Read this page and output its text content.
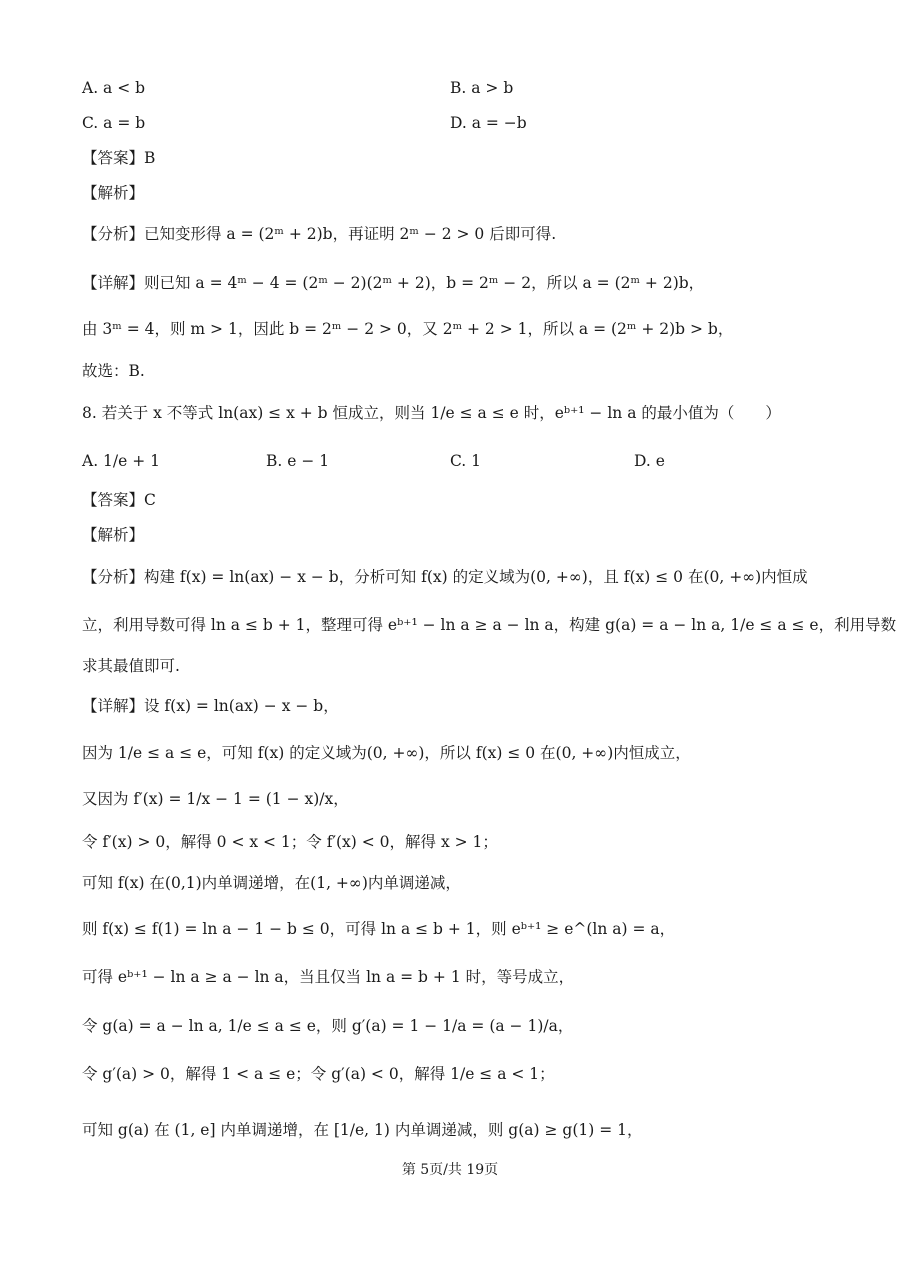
A. a < b	B. a > b
C. a = b	D. a = −b
【答案】B
【解析】
【分析】已知变形得 a = (2ᵐ + 2)b，再证明 2ᵐ − 2 > 0 后即可得.
【详解】则已知 a = 4ᵐ − 4 = (2ᵐ − 2)(2ᵐ + 2)，b = 2ᵐ − 2，所以 a = (2ᵐ + 2)b，
由 3ᵐ = 4，则 m > 1，因此 b = 2ᵐ − 2 > 0，又 2ᵐ + 2 > 1，所以 a = (2ᵐ + 2)b > b，
故选：B.
8. 若关于 x 不等式 ln(ax) ≤ x + b 恒成立，则当 1/e ≤ a ≤ e 时，eᵇ⁺¹ − ln a 的最小值为（　　）
A. 1/e + 1	B. e − 1	C. 1	D. e
【答案】C
【解析】
【分析】构建 f(x) = ln(ax) − x − b，分析可知 f(x) 的定义域为(0, +∞)，且 f(x) ≤ 0 在(0, +∞)内恒成
立，利用导数可得 ln a ≤ b + 1，整理可得 eᵇ⁺¹ − ln a ≥ a − ln a，构建 g(a) = a − ln a, 1/e ≤ a ≤ e，利用导数
求其最值即可.
【详解】设 f(x) = ln(ax) − x − b，
因为 1/e ≤ a ≤ e，可知 f(x) 的定义域为(0, +∞)，所以 f(x) ≤ 0 在(0, +∞)内恒成立，
又因为 f′(x) = 1/x − 1 = (1 − x)/x，
令 f′(x) > 0，解得 0 < x < 1；令 f′(x) < 0，解得 x > 1；
可知 f(x) 在(0,1)内单调递增，在(1, +∞)内单调递减，
则 f(x) ≤ f(1) = ln a − 1 − b ≤ 0，可得 ln a ≤ b + 1，则 eᵇ⁺¹ ≥ e^(ln a) = a，
可得 eᵇ⁺¹ − ln a ≥ a − ln a，当且仅当 ln a = b + 1 时，等号成立，
令 g(a) = a − ln a, 1/e ≤ a ≤ e，则 g′(a) = 1 − 1/a = (a − 1)/a，
令 g′(a) > 0，解得 1 < a ≤ e；令 g′(a) < 0，解得 1/e ≤ a < 1；
可知 g(a) 在 (1, e] 内单调递增，在 [1/e, 1) 内单调递减，则 g(a) ≥ g(1) = 1，
第 5页/共 19页
